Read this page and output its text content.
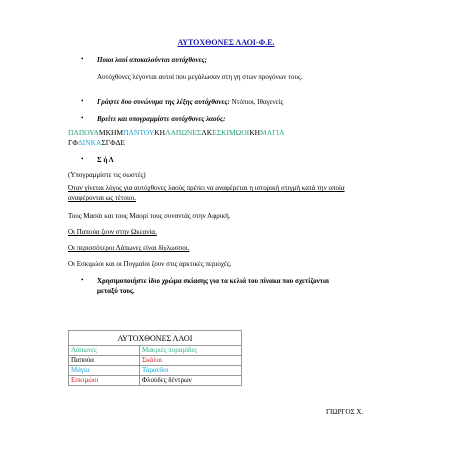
ΑΥΤΟΧΘΟΝΕΣ ΛΑΟΙ-Φ.Ε.
• Ποιοι λαοί αποκαλούνται αυτόχθονες;
Αυτόχθονες λέγονται αυτοί που μεγάλωσαν στη γη στων προγόνων τους.
• Γράψτε δυο συνώνυμα της λέξης αυτόχθονες: Ντόπιοι, Ιθαγενείς
• Βρείτε και υπογραμμίστε αυτόχθονες λαούς:
ΠΑΠΟΥΑΜΚΗΜΠΑΝΤΟΥΚΗΛΑΠΩΝΕΣΛΚΕΣΚΙΜΩΟΙΚΗΜΑΓΙΑ
ΓΦΔΙΝΚΑΣΓΦΔΕ
• Σ ή Λ
(Υπογραμμίστε τις σωστές)
Όταν γίνεται λόγος για αυτόχθονες λαούς πρέπει να αναφέρεται η ιστορική στιγμή κατά την οποία αναφέρονται ως τέτοιοι.
Τους Μασάι και τους Μαορί τους συναντάς στην Αφρική.
Οι Παπούα ζουν στην Ωκεανία.
Οι περισσότεροι Λάπωνες είναι δίγλωσσοι.
Οι Εσκιμώοι και οι Πυγμαίοι ζουν στις αρκτικές περιοχές.
• Χρησιμοποιήστε ίδιο χρώμα σκίασης για τα κελιά του πίνακα που σχετίζονται μεταξύ τους.
ΑΥΤΟΧΘΟΝΕΣ ΛΑΟΙ	
Λάπωνες	Μακριές πυραμίδες
Παπούα	Σκάλοι
Μάγια	Τάρανδοι
Εσκιμώοι	Φλούδες δέντρων
ΓΙΩΡΓΟΣ Χ.
